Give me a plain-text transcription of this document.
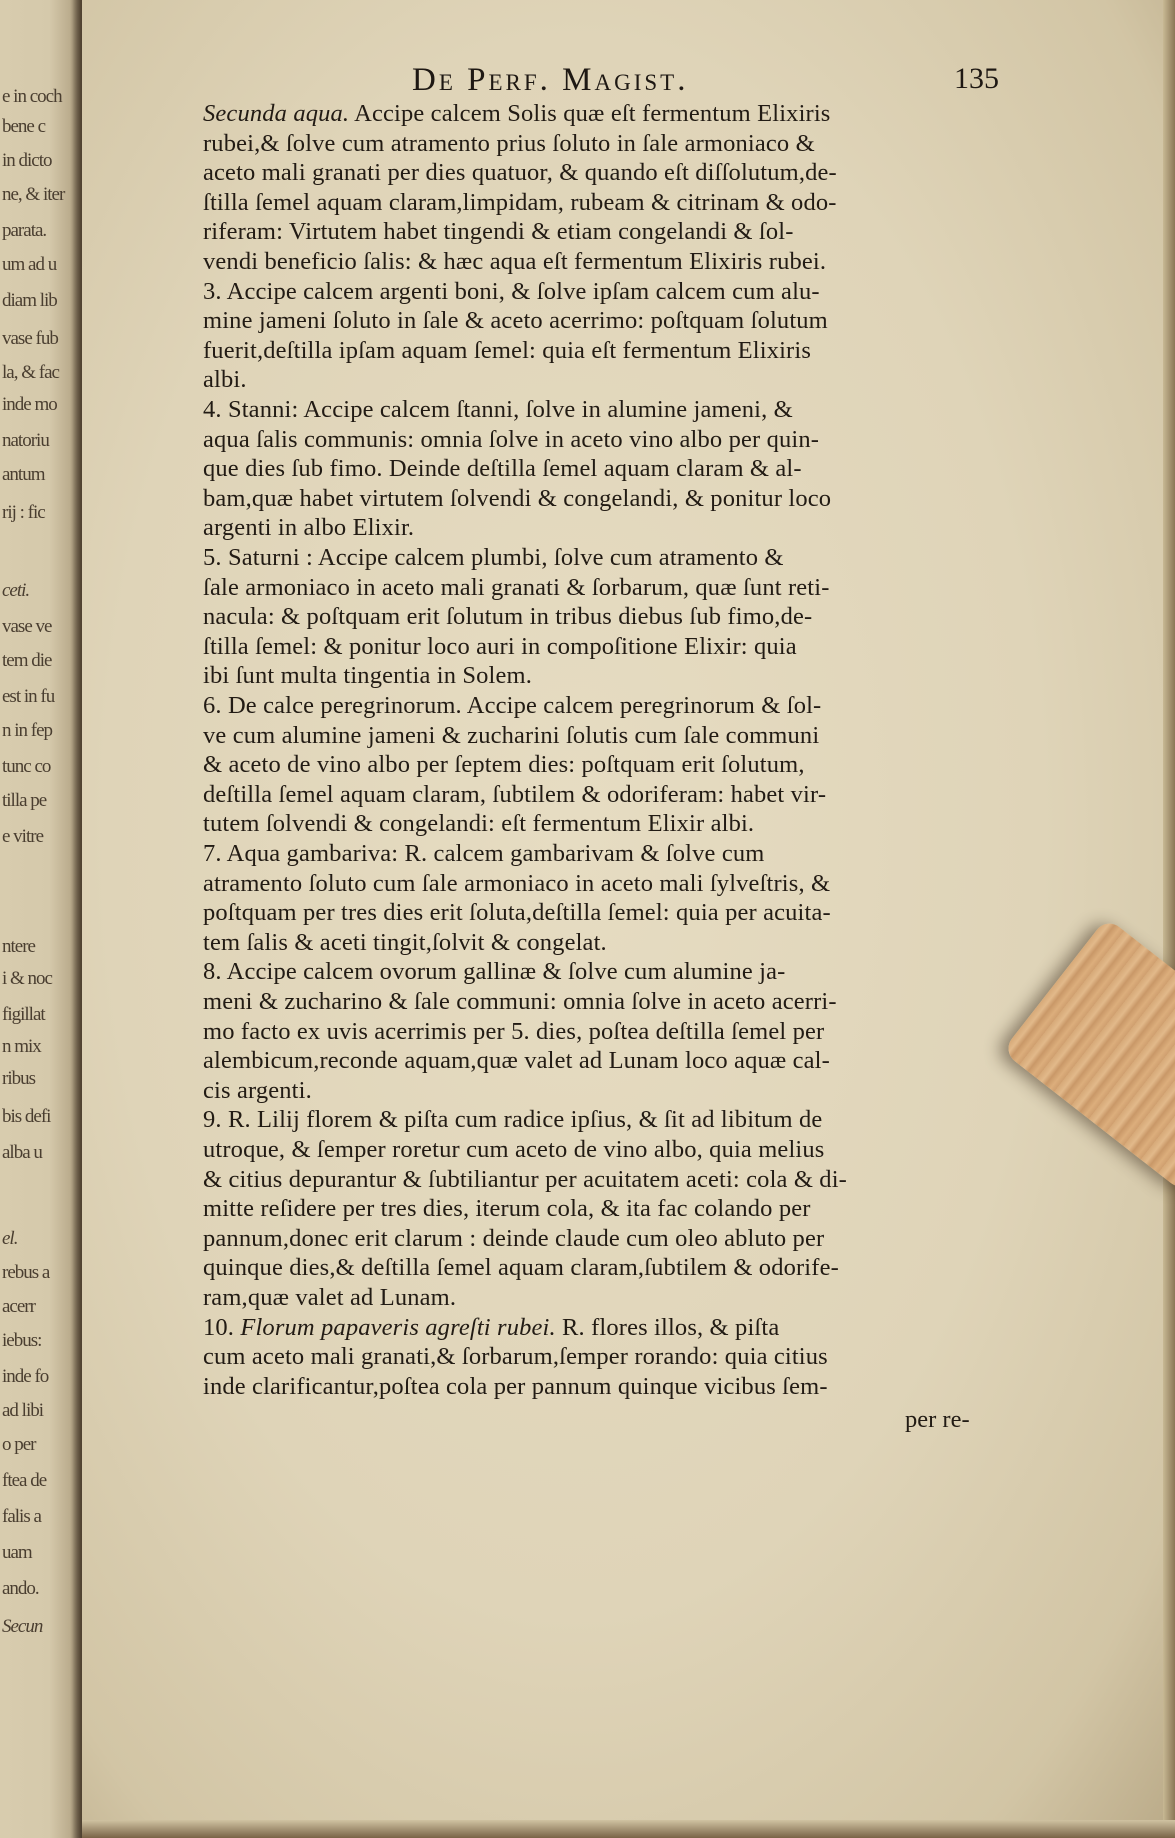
e in coch
bene c
in dicto
ne, & iter
parata.
um ad u
diam lib
vase fub
la, & fac
inde mo
natoriu
antum
rij : fic
ceti.
vase ve
tem die
est in fu
n in fep
tunc co
tilla pe
e vitre
ntere
i & noc
figillat
n mix
ribus
bis defi
alba u
el.
rebus a
acerr
iebus:
inde fo
ad libi
o per
ftea de
falis a
uam
ando.
Secun
De Perf. Magist.	135
Secunda aqua. Accipe calcem Solis quæ eſt fermentum Elixiris
rubei,& ſolve cum atramento prius ſoluto in ſale armoniaco &
aceto mali granati per dies quatuor, & quando eſt diſſolutum,de-
ſtilla ſemel aquam claram,limpidam, rubeam & citrinam & odo-
riferam: Virtutem habet tingendi & etiam congelandi & ſol-
vendi beneficio ſalis: & hæc aqua eſt fermentum Elixiris rubei.
3. Accipe calcem argenti boni, & ſolve ipſam calcem cum alu-
mine jameni ſoluto in ſale & aceto acerrimo: poſtquam ſolutum
fuerit,deſtilla ipſam aquam ſemel: quia eſt fermentum Elixiris
albi.
4. Stanni: Accipe calcem ſtanni, ſolve in alumine jameni, &
aqua ſalis communis: omnia ſolve in aceto vino albo per quin-
que dies ſub fimo. Deinde deſtilla ſemel aquam claram & al-
bam,quæ habet virtutem ſolvendi & congelandi, & ponitur loco
argenti in albo Elixir.
5. Saturni : Accipe calcem plumbi, ſolve cum atramento &
ſale armoniaco in aceto mali granati & ſorbarum, quæ ſunt reti-
nacula: & poſtquam erit ſolutum in tribus diebus ſub fimo,de-
ſtilla ſemel: & ponitur loco auri in compoſitione Elixir: quia
ibi ſunt multa tingentia in Solem.
6. De calce peregrinorum. Accipe calcem peregrinorum & ſol-
ve cum alumine jameni & zucharini ſolutis cum ſale communi
& aceto de vino albo per ſeptem dies: poſtquam erit ſolutum,
deſtilla ſemel aquam claram, ſubtilem & odoriferam: habet vir-
tutem ſolvendi & congelandi: eſt fermentum Elixir albi.
7. Aqua gambariva: R. calcem gambarivam & ſolve cum
atramento ſoluto cum ſale armoniaco in aceto mali ſylveſtris, &
poſtquam per tres dies erit ſoluta,deſtilla ſemel: quia per acuita-
tem ſalis & aceti tingit,ſolvit & congelat.
8. Accipe calcem ovorum gallinæ & ſolve cum alumine ja-
meni & zucharino & ſale communi: omnia ſolve in aceto acerri-
mo facto ex uvis acerrimis per 5. dies, poſtea deſtilla ſemel per
alembicum,reconde aquam,quæ valet ad Lunam loco aquæ cal-
cis argenti.
9. R. Lilij florem & piſta cum radice ipſius, & ſit ad libitum de
utroque, & ſemper roretur cum aceto de vino albo, quia melius
& citius depurantur & ſubtiliantur per acuitatem aceti: cola & di-
mitte reſidere per tres dies, iterum cola, & ita fac colando per
pannum,donec erit clarum : deinde claude cum oleo abluto per
quinque dies,& deſtilla ſemel aquam claram,ſubtilem & odorife-
ram,quæ valet ad Lunam.
10. Florum papaveris agreſti rubei. R. flores illos, & piſta
cum aceto mali granati,& ſorbarum,ſemper rorando: quia citius
inde clarificantur,poſtea cola per pannum quinque vicibus ſem-
per re-
